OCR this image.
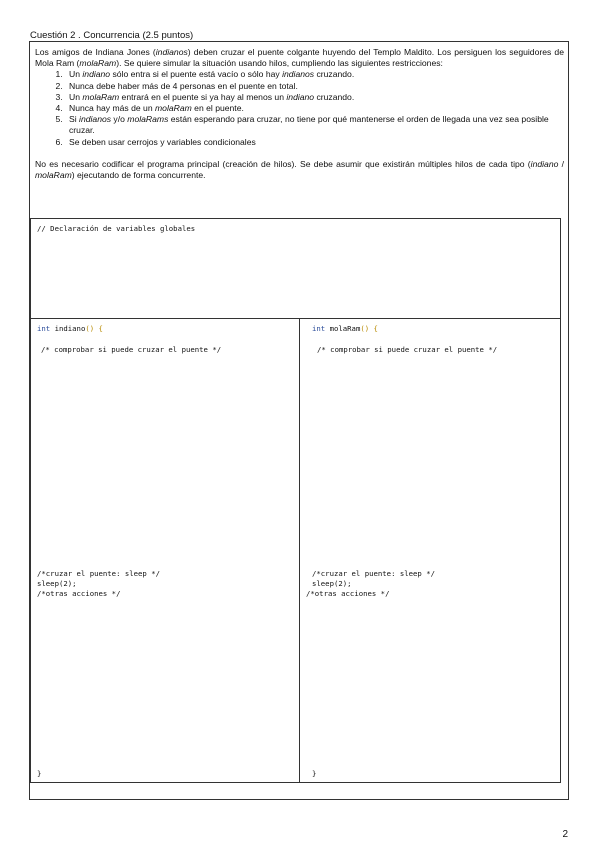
Cuestión 2 . Concurrencia (2.5 puntos)

Los amigos de Indiana Jones (indianos) deben cruzar el puente colgante huyendo del Templo Maldito. Los persiguen los seguidores de Mola Ram (molaRam). Se quiere simular la situación usando hilos, cumpliendo las siguientes restricciones:

1. Un indiano sólo entra si el puente está vacío o sólo hay indianos cruzando.
2. Nunca debe haber más de 4 personas en el puente en total.
3. Un molaRam entrará en el puente si ya hay al menos un indiano cruzando.
4. Nunca hay más de un molaRam en el puente.
5. Si indianos y/o molaRams están esperando para cruzar, no tiene por qué mantenerse el orden de llegada una vez sea posible cruzar.
6. Se deben usar cerrojos y variables condicionales

No es necesario codificar el programa principal (creación de hilos). Se debe asumir que existirán múltiples hilos de cada tipo (indiano / molaRam) ejecutando de forma concurrente.

// Declaración de variables globales
int indiano() {
/* comprobar si puede cruzar el puente */
/*cruzar el puente: sleep */
sleep(2);
/*otras acciones */
}
int molaRam() {
/* comprobar si puede cruzar el puente */
/*cruzar el puente: sleep */
sleep(2);
/*otras acciones */
}
2
